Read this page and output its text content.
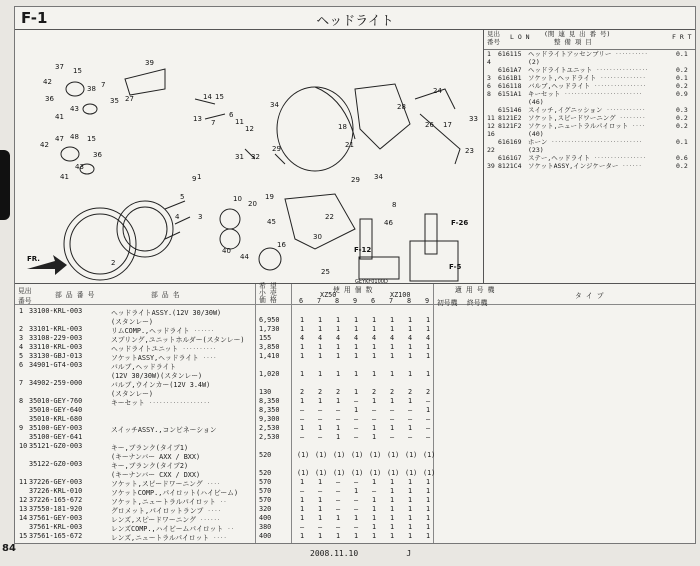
F-1	ヘッドライト
37 15
42
38 7
36	35
43
41
48
47	15
42
36
43
41
39
27	14 15
13 7
6
11
12
34
31 32
29
28
26 17
33
24
18
23
21
20
19
22
10
5
4
9
3
1
2
45
16
30
25
44
40
29 34
46
8
F-12
F-26
F-5
FR.
GEYKF0100D
見出
番号
L O N (関 連 見 出 番 号)
整 備 項 目
F R T
1 616115 ヘッドライトアッセンブリー ‥‥‥‥‥	0.1
4	(2)
6161A7 ヘッドライトユニット ‥‥‥‥‥‥‥‥	0.2
3 6161B1 ソケット,ヘッドライト ‥‥‥‥‥‥‥	0.1
6 616118 バルブ,ヘッドライト ‥‥‥‥‥‥‥‥	0.2
8 6151A1 キーセット ‥‥‥‥‥‥‥‥‥‥‥‥	0.9
(46)
615146 スイッチ,イグニッション ‥‥‥‥‥‥	0.3
11 8121E2 ソケット,スピードワーニング ‥‥‥‥	0.2
12 8121F2 ソケット,ニュートラルパイロット ‥‥	0.2
16	(40)
616169 ホーン ‥‥‥‥‥‥‥‥‥‥‥‥‥‥	0.1
22	(23)
6161G7 ステー,ヘッドライト ‥‥‥‥‥‥‥‥	0.6
39 8121C4 ソケットASSY,インジケーター ‥‥‥	0.2
見出
番号
部 品 番 号	部 品 名
希 望
小 売
価 格
使 用 個 数
XZ50	XZ100
6 7 8 9 6 7 8 9
適 用 号 機
初号機 終号機
タ イ プ
1 33100-KRL-003	ヘッドライトASSY.(12V 30/30W)
(スタンレー)	6,950	1	1	1	1	1	1	1	1
2 33101-KRL-003	リムCOMP.,ヘッドライト ‥‥‥	1,730	1	1	1	1	1	1	1	1
3 33108-229-003	スプリング,ユニットホルダー(スタンレー) 155	4	4	4	4	4	4	4	4
4 33110-KRL-003	ヘッドライトユニット ‥‥‥‥‥	3,850	1	1	1	1	1	1	1	1
5 33130-GBJ-013	ソケットASSY,ヘッドライト ‥‥	1,410	1	1	1	1	1	1	1	1
6 34901-GT4-003	バルブ,ヘッドライト
(12V 30/30W)(スタンレー)	1,020	1	1	1	1	1	1	1	1
7 34902-259-000	バルブ,ウインカー(12V 3.4W)
(スタンレー)	130	2	2	2	1	2	2	2	2
8 35010-GEY-760	キーセット ‥‥‥‥‥‥‥‥‥	8,350	1	1	1	–	1	1	1	–
35010-GEY-640	8,350	–	–	–	1	–	–	–	1
35010-KRL-680	9,300	–	–	–	–	–	–	–	–
9 35100-GEY-003	スイッチASSY.,コンビネーション	2,530	1	1	1	–	1	1	1	–
35100-GEY-641	2,530	–	–	1	–	1	–	–	–
10 35121-GZ0-003	キー,ブランク(タイプ1)
(キーナンバー AXX / BXX)	520	(1) (1) (1) (1) (1) (1) (1) (1)
35122-GZ0-003	キー,ブランク(タイプ2)
(キーナンバー CXX / DXX)	520	(1) (1) (1) (1) (1) (1) (1) (1)
11 37226-GEY-003	ソケット,スピードワーニング ‥‥	570	1	1	–	–	1	1	1	1
37226-KRL-010	ソケットCOMP.,パイロット(ハイビーム)	570	–	–	–	1	–	1	1	1
12 37226-165-672	ソケット,ニュートラルパイロット ‥	570	1	1	–	–	1	1	1	1
13 37550-181-920	グロメット,パイロットランプ ‥‥	320	1	1	–	–	1	1	1	1
14 37561-GEY-003	レンズ,スピードワーニング ‥‥‥	400	1	1	1	1	1	1	1	1
37561-KRL-003	レンズCOMP.,ハイビームパイロット ‥	380	–	–	–	–	1	1	1	1
15 37561-165-672	レンズ,ニュートラルパイロット ‥‥	400	1	1	1	1	1	1	1	1
84	2008.11.10	J
